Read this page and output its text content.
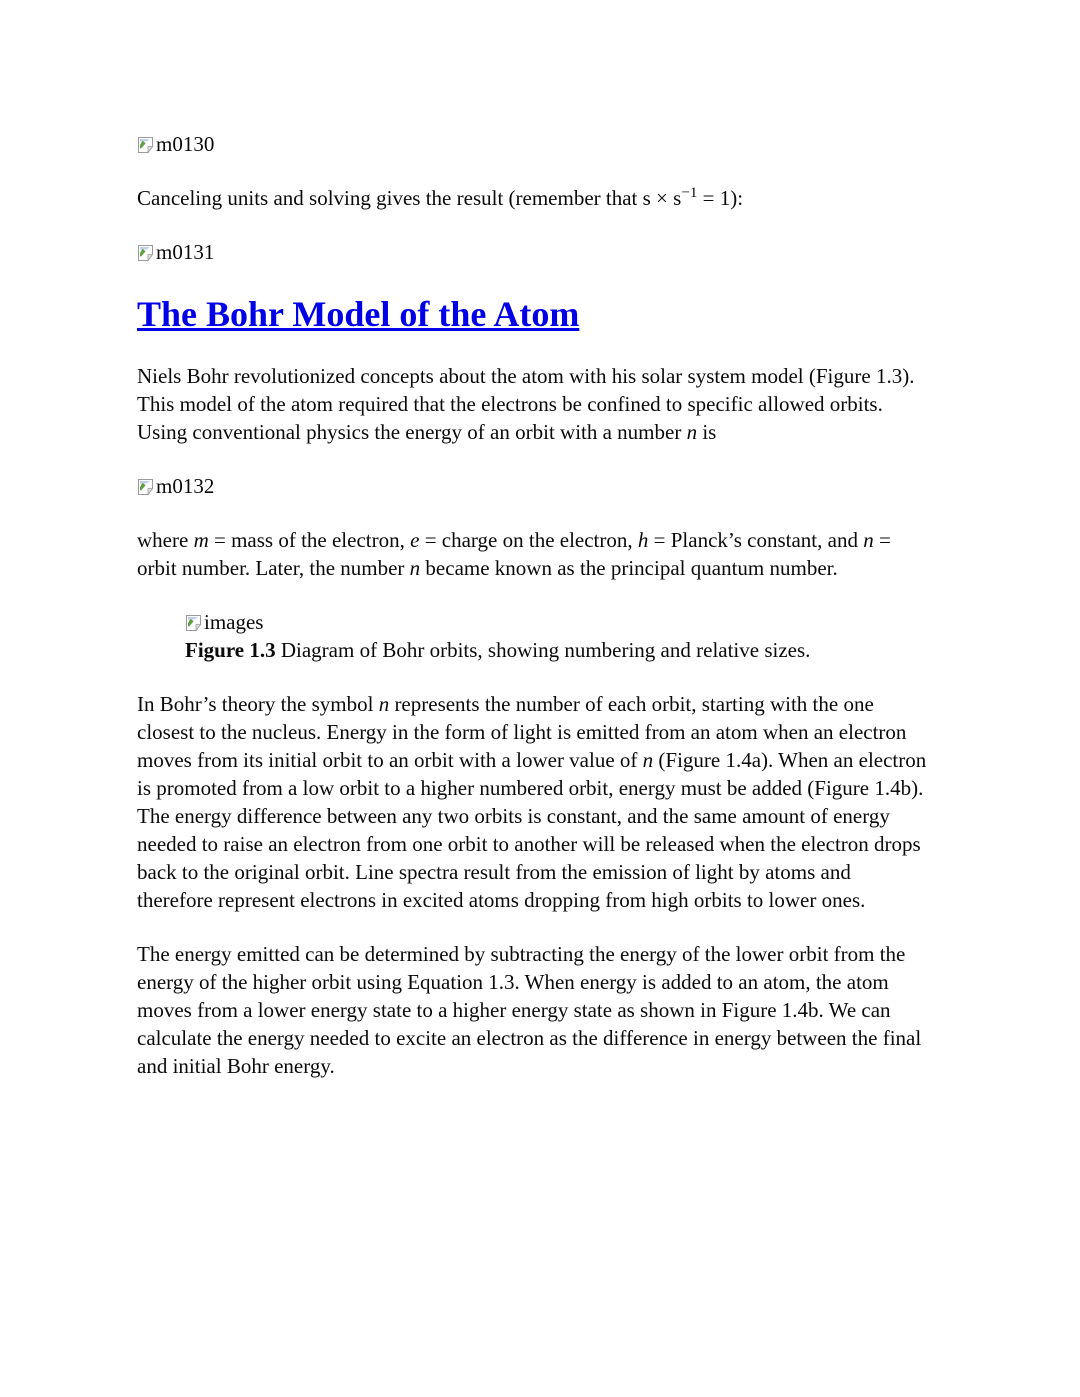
m0130

Canceling units and solving gives the result (remember that $s \times s^{-1} = 1$):

m0131

The Bohr Model of the Atom

Niels Bohr revolutionized concepts about the atom with his solar system model (Figure 1.3). This model of the atom required that the electrons be confined to specific allowed orbits. Using conventional physics the energy of an orbit with a number n is

m0132

where m = mass of the electron, e = charge on the electron, h = Planck’s constant, and n = orbit number. Later, the number n became known as the principal quantum number.

images

Figure 1.3 Diagram of Bohr orbits, showing numbering and relative sizes.

In Bohr’s theory the symbol n represents the number of each orbit, starting with the one closest to the nucleus. Energy in the form of light is emitted from an atom when an electron moves from its initial orbit to an orbit with a lower value of n (Figure 1.4a). When an electron is promoted from a low orbit to a higher numbered orbit, energy must be added (Figure 1.4b). The energy difference between any two orbits is constant, and the same amount of energy needed to raise an electron from one orbit to another will be released when the electron drops back to the original orbit. Line spectra result from the emission of light by atoms and therefore represent electrons in excited atoms dropping from high orbits to lower ones.

The energy emitted can be determined by subtracting the energy of the lower orbit from the energy of the higher orbit using Equation 1.3. When energy is added to an atom, the atom moves from a lower energy state to a higher energy state as shown in Figure 1.4b. We can calculate the energy needed to excite an electron as the difference in energy between the final and initial Bohr energy.
